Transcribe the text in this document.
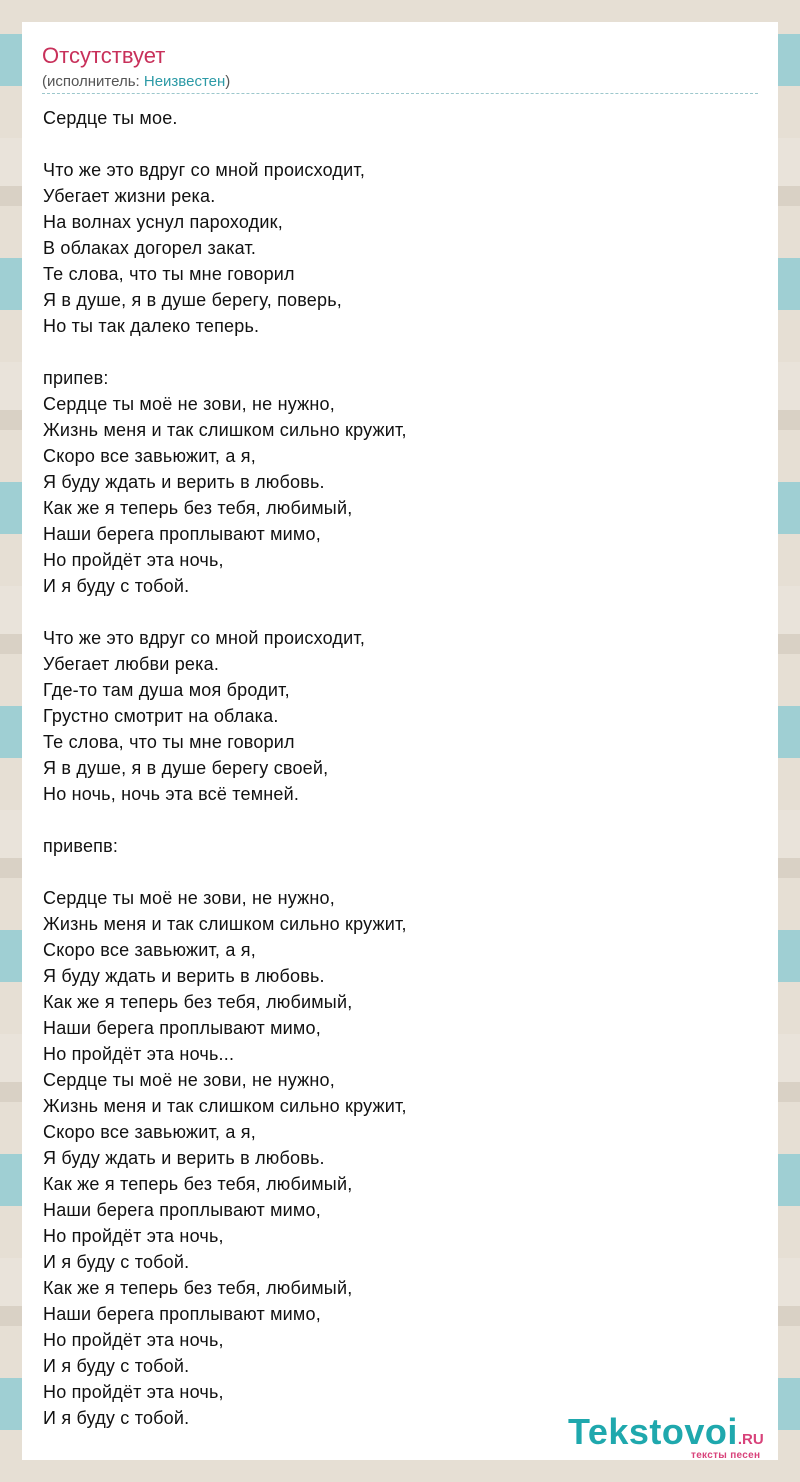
Отсутствует
(исполнитель: Неизвестен)
Сердце ты мое.
Что же это вдруг со мной происходит,
Убегает жизни река.
На волнах уснул пароходик,
В облаках догорел закат.
Те слова, что ты мне говорил
Я в душе, я в душе берегу, поверь,
Но ты так далеко теперь.
припев:
Сердце ты моё не зови, не нужно,
Жизнь меня и так слишком сильно кружит,
Скоро все завьюжит, а я,
Я буду ждать и верить в любовь.
Как же я теперь без тебя, любимый,
Наши берега проплывают мимо,
Но пройдёт эта ночь,
И я буду с тобой.
Что же это вдруг со мной происходит,
Убегает любви река.
Где-то там душа моя бродит,
Грустно смотрит на облака.
Те слова, что ты мне говорил
Я в душе, я в душе берегу своей,
Но ночь, ночь эта всё темней.
привепв:
Сердце ты моё не зови, не нужно,
Жизнь меня и так слишком сильно кружит,
Скоро все завьюжит, а я,
Я буду ждать и верить в любовь.
Как же я теперь без тебя, любимый,
Наши берега проплывают мимо,
Но пройдёт эта ночь...
Сердце ты моё не зови, не нужно,
Жизнь меня и так слишком сильно кружит,
Скоро все завьюжит, а я,
Я буду ждать и верить в любовь.
Как же я теперь без тебя, любимый,
Наши берега проплывают мимо,
Но пройдёт эта ночь,
И я буду с тобой.
Как же я теперь без тебя, любимый,
Наши берега проплывают мимо,
Но пройдёт эта ночь,
И я буду с тобой.
Но пройдёт эта ночь,
И я буду с тобой.	Tekstovoi.RU
тексты песен
